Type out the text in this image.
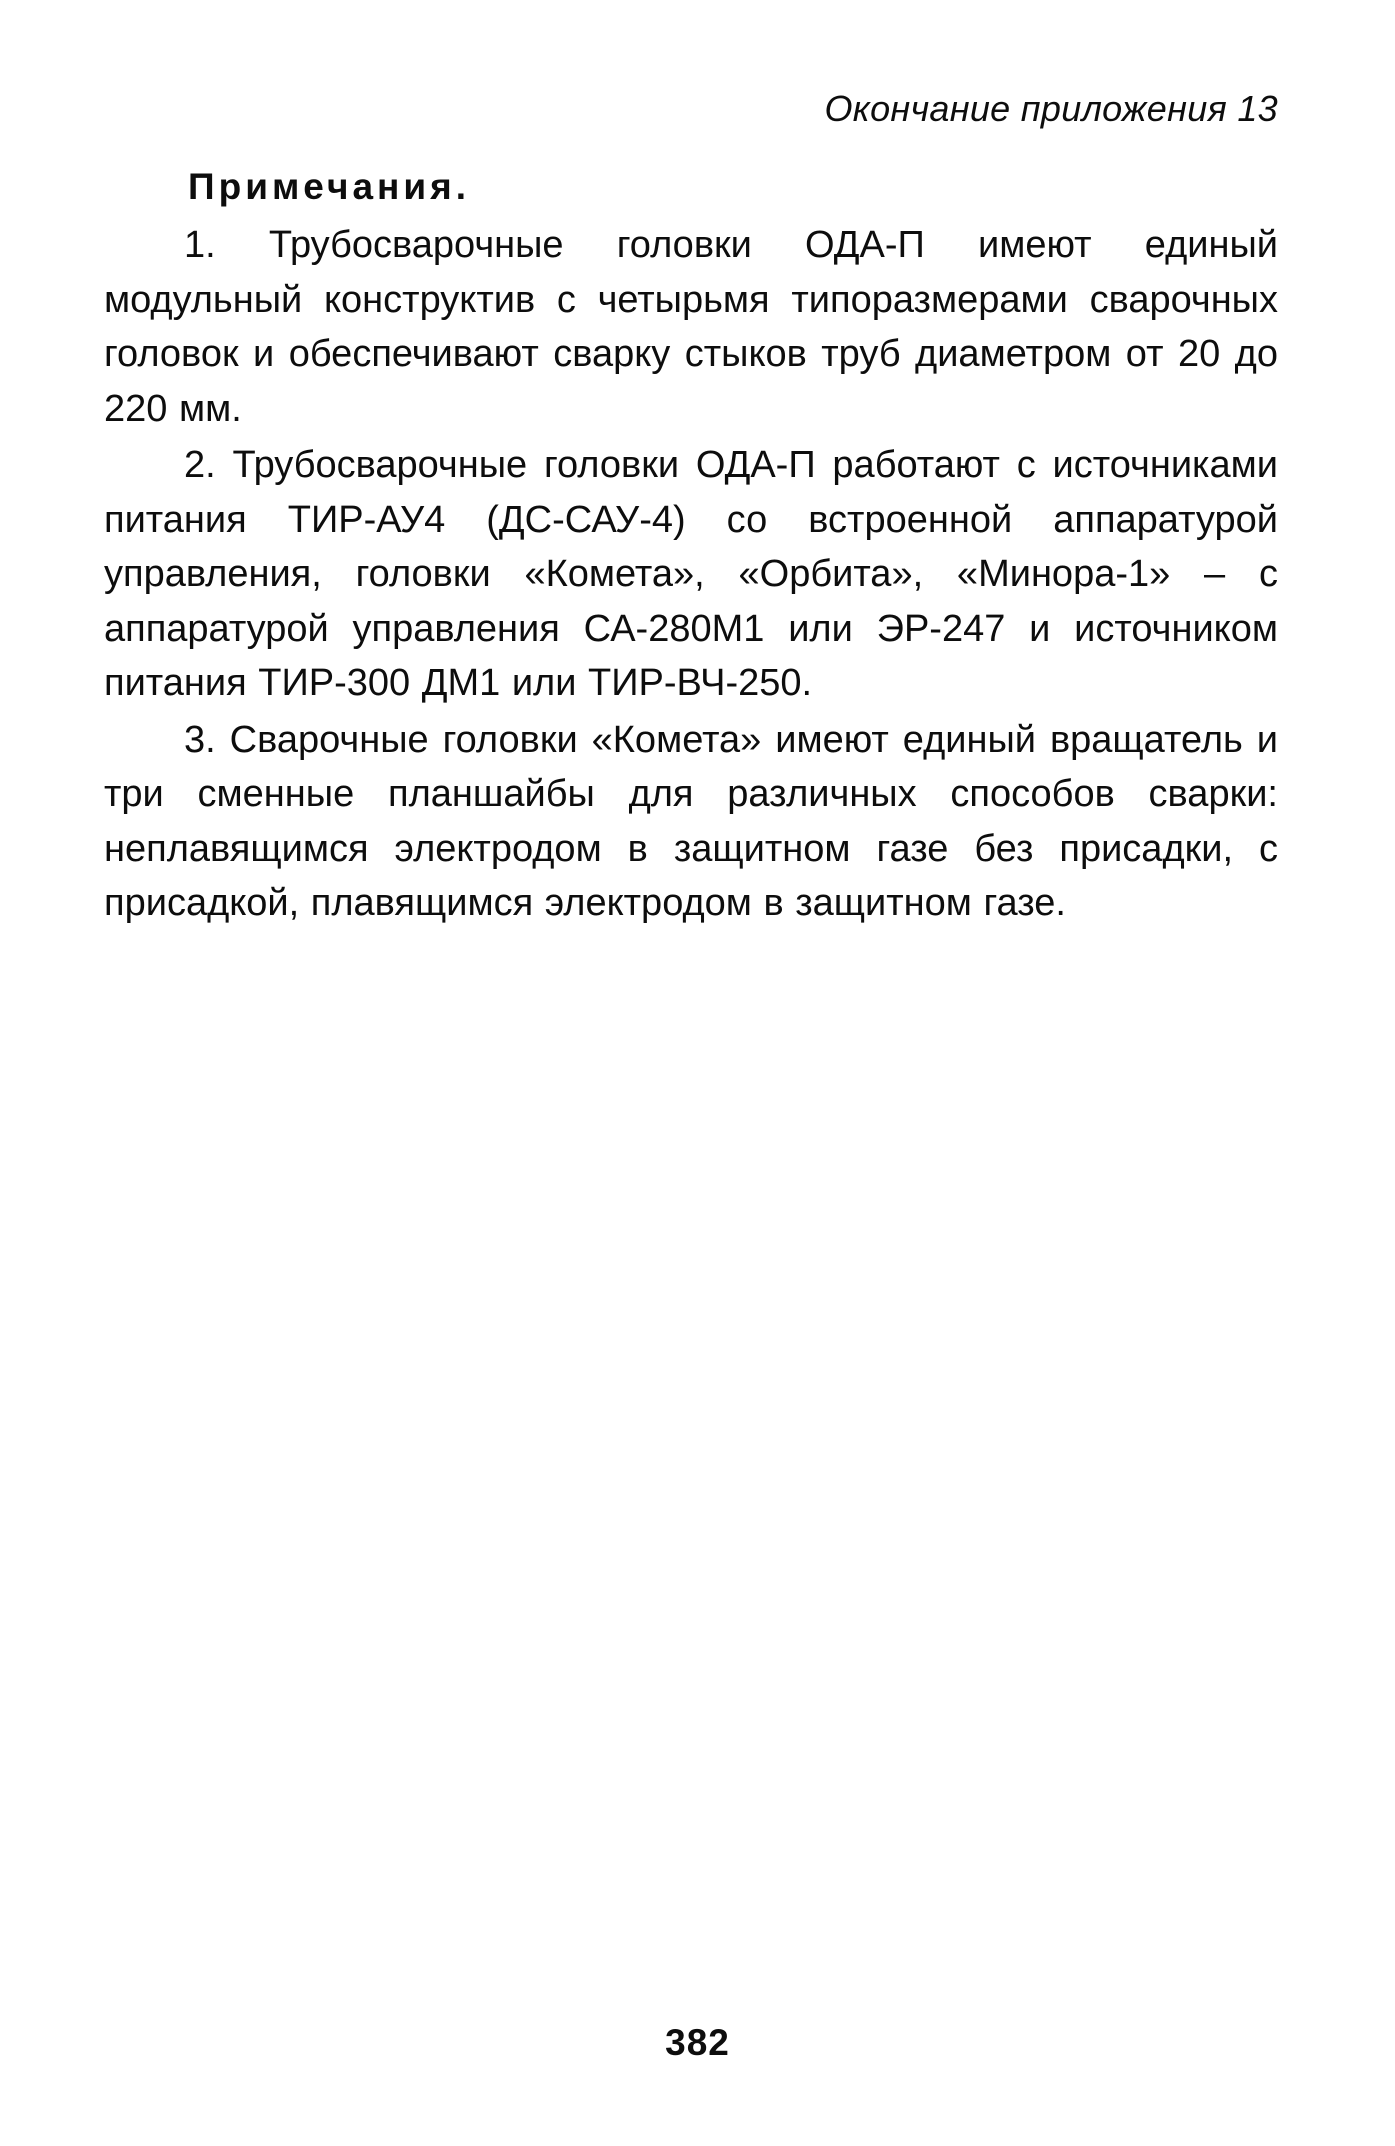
Окончание приложения 13
Примечания.

1. Трубосварочные головки ОДА-П имеют единый модульный конструктив с четырьмя типоразмерами сварочных головок и обеспечивают сварку стыков труб диаметром от 20 до 220 мм.

2. Трубосварочные головки ОДА-П работают с источниками питания ТИР-АУ4 (ДС-САУ-4) со встроенной аппаратурой управления, головки «Комета», «Орбита», «Минора-1» – с аппаратурой управления СА-280М1 или ЭР-247 и источником питания ТИР-300 ДМ1 или ТИР-ВЧ-250.

3. Сварочные головки «Комета» имеют единый вращатель и три сменные планшайбы для различных способов сварки: неплавящимся электродом в защитном газе без присадки, с присадкой, плавящимся электродом в защитном газе.

382
